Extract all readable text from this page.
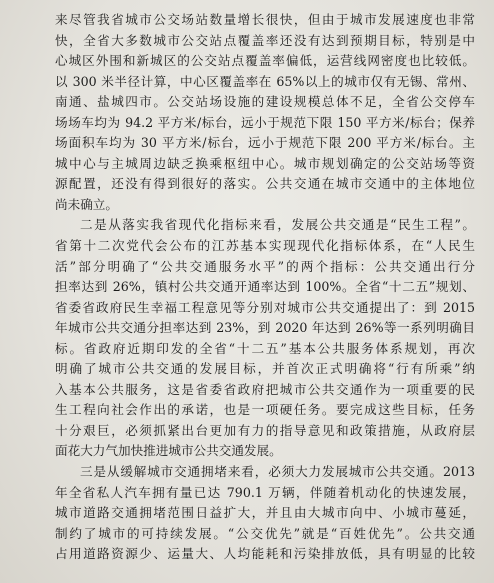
来尽管我省城市公交场站数量增长很快，但由于城市发展速度也非常
快，全省大多数城市公交站点覆盖率还没有达到预期目标，特别是中
心城区外围和新城区的公交站点覆盖率偏低，运营线网密度也比较低。
以 300 米半径计算，中心区覆盖率在 65%以上的城市仅有无锡、常州、
南通、盐城四市。公交站场设施的建设规模总体不足，全省公交停车
场场车均为 94.2 平方米/标台，远小于规范下限 150 平方米/标台；保养
场面积车均为 30 平方米/标台，远小于规范下限 200 平方米/标台。主
城中心与主城周边缺乏换乘枢纽中心。城市规划确定的公交站场等资
源配置，还没有得到很好的落实。公共交通在城市交通中的主体地位
尚未确立。
二是从落实我省现代化指标来看，发展公共交通是“民生工程”。
省第十二次党代会公布的江苏基本实现现代化指标体系，在“人民生
活”部分明确了“公共交通服务水平”的两个指标：公共交通出行分
担率达到 26%，镇村公共交通开通率达到 100%。全省“十二五”规划、
省委省政府民生幸福工程意见等分别对城市公共交通提出了：到 2015
年城市公共交通分担率达到 23%，到 2020 年达到 26%等一系列明确目
标。省政府近期印发的全省“十二五”基本公共服务体系规划，再次
明确了城市公共交通的发展目标，并首次正式明确将“行有所乘”纳
入基本公共服务，这是省委省政府把城市公共交通作为一项重要的民
生工程向社会作出的承诺，也是一项硬任务。要完成这些目标，任务
十分艰巨，必须抓紧出台更加有力的指导意见和政策措施，从政府层
面花大力气加快推进城市公共交通发展。
三是从缓解城市交通拥堵来看，必须大力发展城市公共交通。2013
年全省私人汽车拥有量已达 790.1 万辆，伴随着机动化的快速发展，
城市道路交通拥堵范围日益扩大，并且由大城市向中、小城市蔓延，
制约了城市的可持续发展。“公交优先”就是“百姓优先”。公共交通
占用道路资源少、运量大、人均能耗和污染排放低，具有明显的比较
